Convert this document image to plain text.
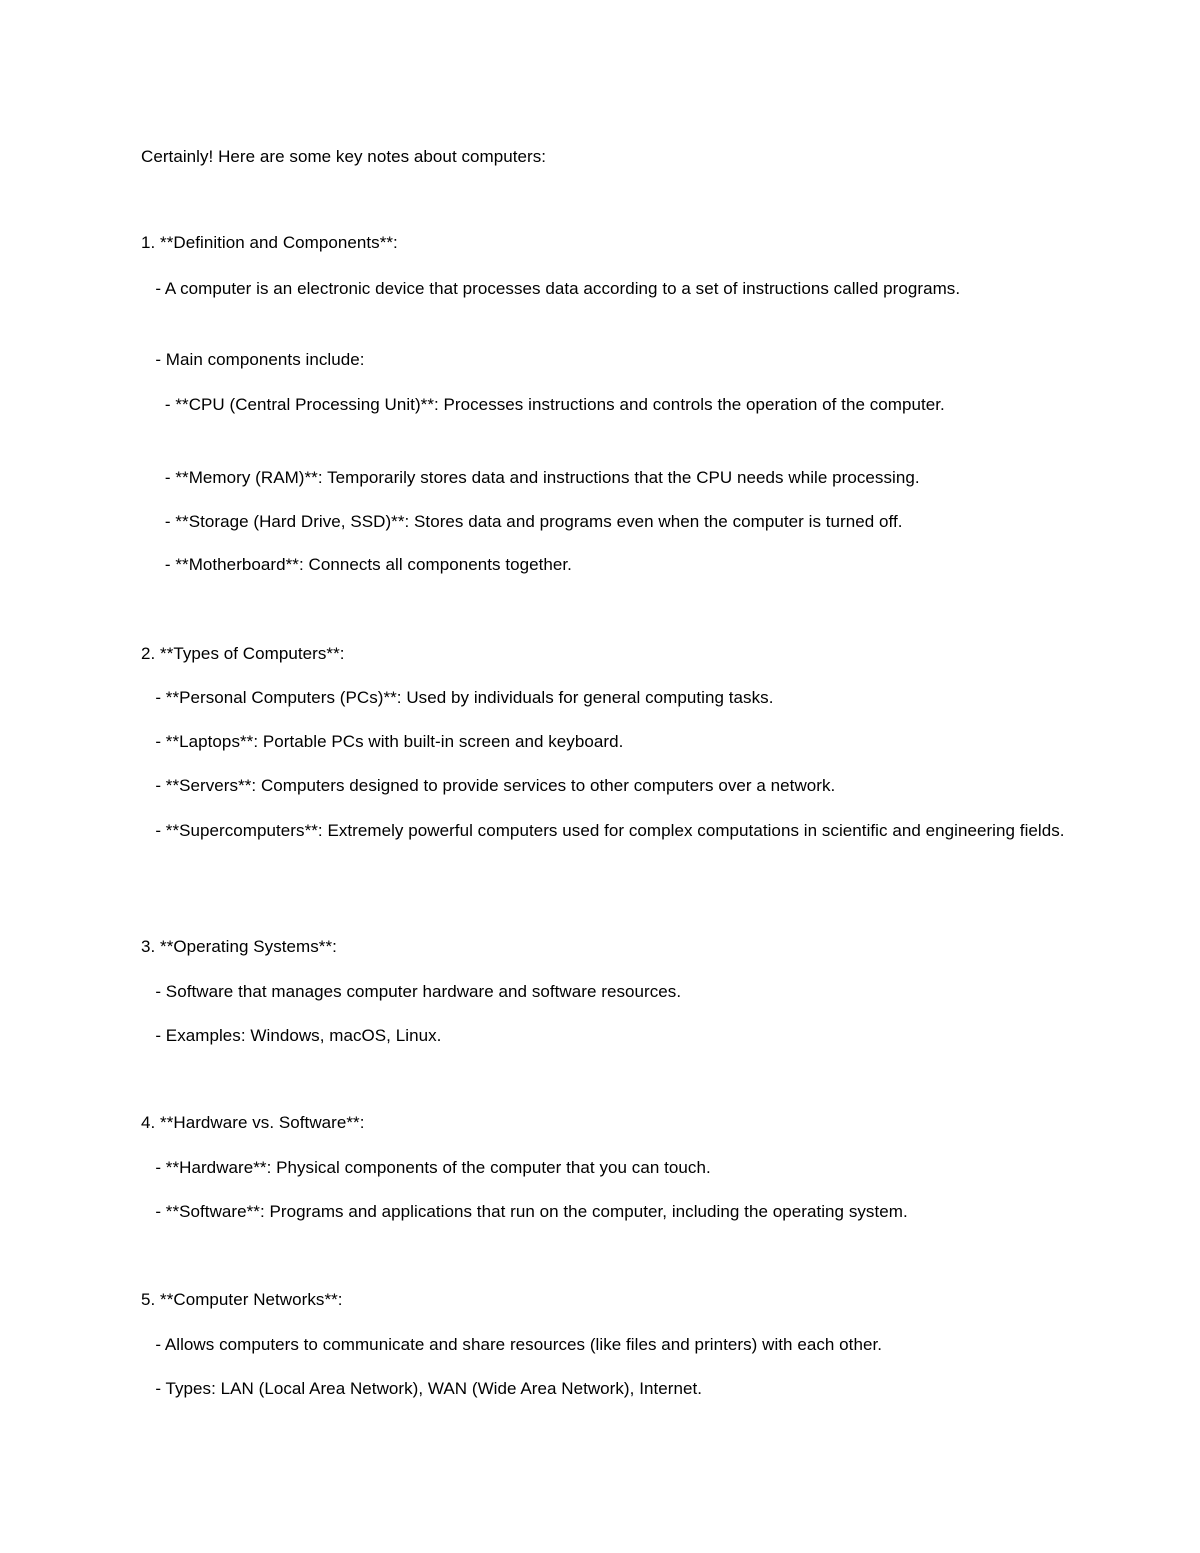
Certainly! Here are some key notes about computers:
1. **Definition and Components**:
- A computer is an electronic device that processes data according to a set of instructions called programs.
- Main components include:
- **CPU (Central Processing Unit)**: Processes instructions and controls the operation of the computer.
- **Memory (RAM)**: Temporarily stores data and instructions that the CPU needs while processing.
- **Storage (Hard Drive, SSD)**: Stores data and programs even when the computer is turned off.
- **Motherboard**: Connects all components together.
2. **Types of Computers**:
- **Personal Computers (PCs)**: Used by individuals for general computing tasks.
- **Laptops**: Portable PCs with built-in screen and keyboard.
- **Servers**: Computers designed to provide services to other computers over a network.
- **Supercomputers**: Extremely powerful computers used for complex computations in scientific and engineering fields.
3. **Operating Systems**:
- Software that manages computer hardware and software resources.
- Examples: Windows, macOS, Linux.
4. **Hardware vs. Software**:
- **Hardware**: Physical components of the computer that you can touch.
- **Software**: Programs and applications that run on the computer, including the operating system.
5. **Computer Networks**:
- Allows computers to communicate and share resources (like files and printers) with each other.
- Types: LAN (Local Area Network), WAN (Wide Area Network), Internet.
